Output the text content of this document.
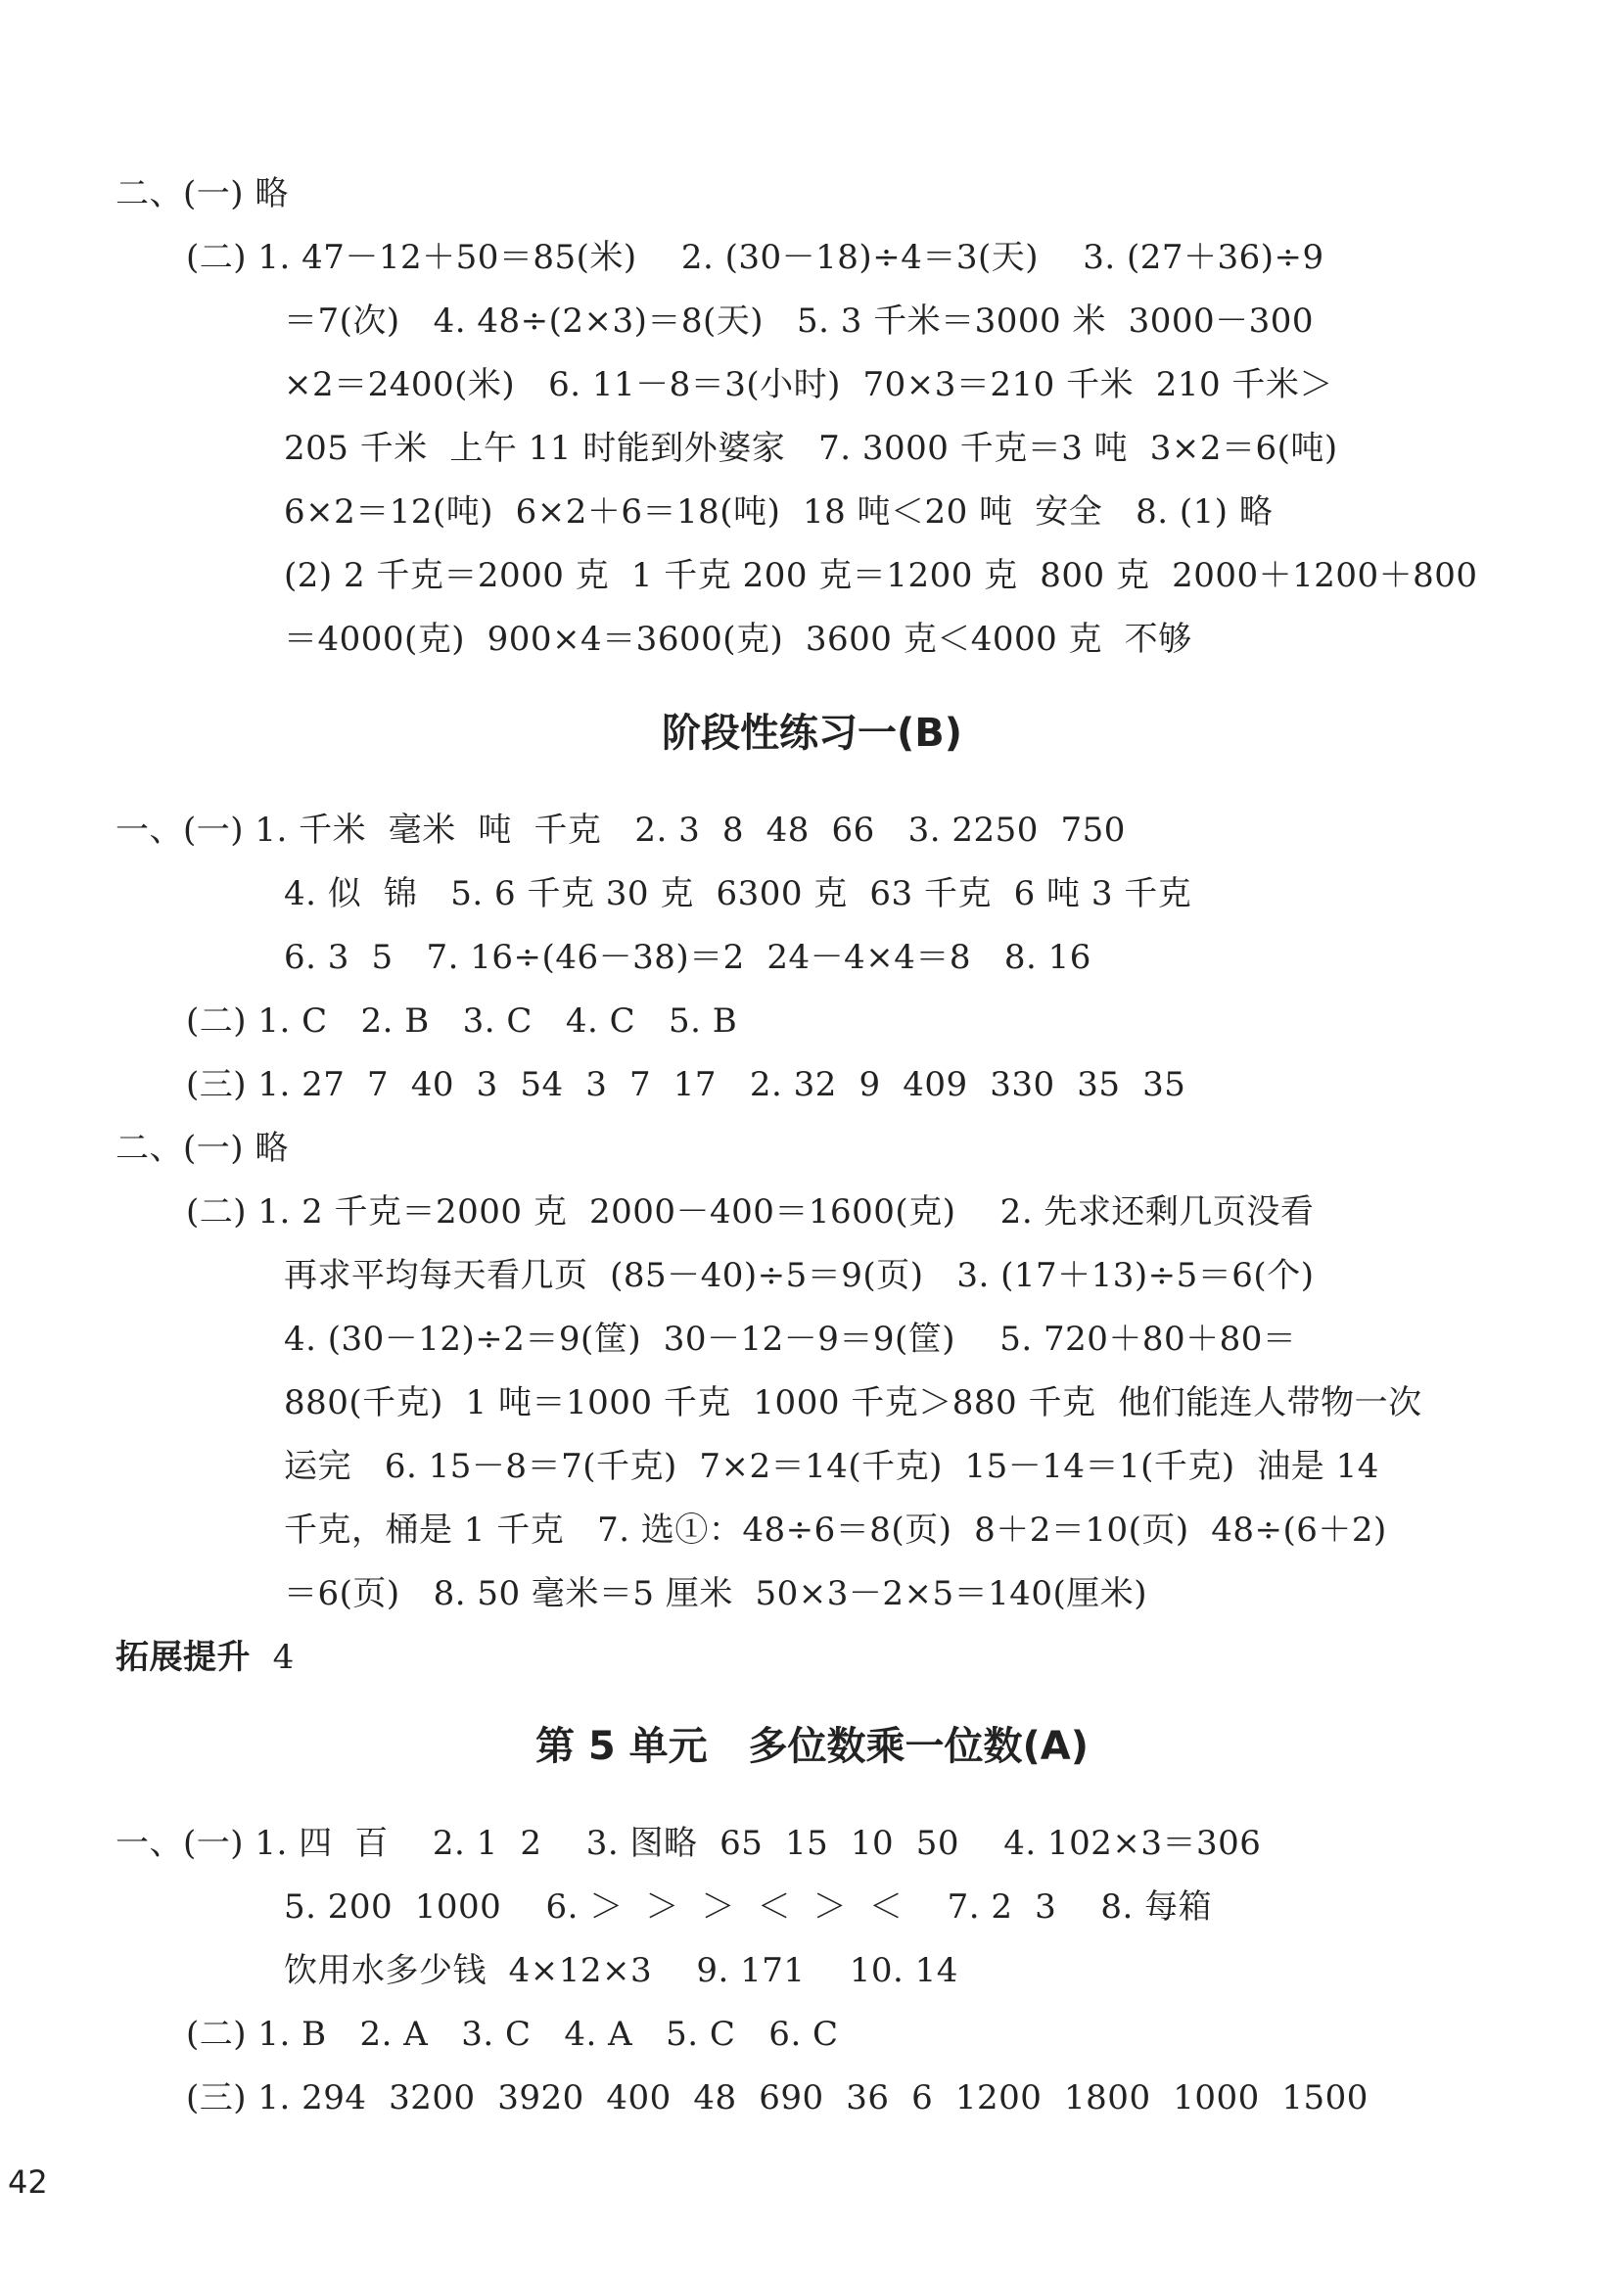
二、(一) 略
(二) 1. 47－12＋50＝85(米)    2. (30－18)÷4＝3(天)    3. (27＋36)÷9
＝7(次)   4. 48÷(2×3)＝8(天)   5. 3 千米＝3000 米  3000－300
×2＝2400(米)   6. 11－8＝3(小时)  70×3＝210 千米  210 千米＞
205 千米  上午 11 时能到外婆家   7. 3000 千克＝3 吨  3×2＝6(吨)
6×2＝12(吨)  6×2＋6＝18(吨)  18 吨＜20 吨  安全   8. (1) 略
(2) 2 千克＝2000 克  1 千克 200 克＝1200 克  800 克  2000＋1200＋800
＝4000(克)  900×4＝3600(克)  3600 克＜4000 克  不够
阶段性练习一(B)
一、(一) 1. 千米  毫米  吨  千克   2. 3  8  48  66   3. 2250  750
4. 似  锦   5. 6 千克 30 克  6300 克  63 千克  6 吨 3 千克
6. 3  5   7. 16÷(46－38)＝2  24－4×4＝8   8. 16
(二) 1. C   2. B   3. C   4. C   5. B
(三) 1. 27  7  40  3  54  3  7  17   2. 32  9  409  330  35  35
二、(一) 略
(二) 1. 2 千克＝2000 克  2000－400＝1600(克)    2. 先求还剩几页没看
再求平均每天看几页  (85－40)÷5＝9(页)   3. (17＋13)÷5＝6(个)
4. (30－12)÷2＝9(筐)  30－12－9＝9(筐)    5. 720＋80＋80＝
880(千克)  1 吨＝1000 千克  1000 千克＞880 千克  他们能连人带物一次
运完   6. 15－8＝7(千克)  7×2＝14(千克)  15－14＝1(千克)  油是 14
千克，桶是 1 千克   7. 选①：48÷6＝8(页)  8＋2＝10(页)  48÷(6＋2)
＝6(页)   8. 50 毫米＝5 厘米  50×3－2×5＝140(厘米)
拓展提升 4
第 5 单元   多位数乘一位数(A)
一、(一) 1. 四  百    2. 1  2    3. 图略  65  15  10  50    4. 102×3＝306
5. 200  1000    6. ＞  ＞  ＞  ＜  ＞  ＜    7. 2  3    8. 每箱
饮用水多少钱  4×12×3    9. 171    10. 14
(二) 1. B   2. A   3. C   4. A   5. C   6. C
(三) 1. 294  3200  3920  400  48  690  36  6  1200  1800  1000  1500
42
